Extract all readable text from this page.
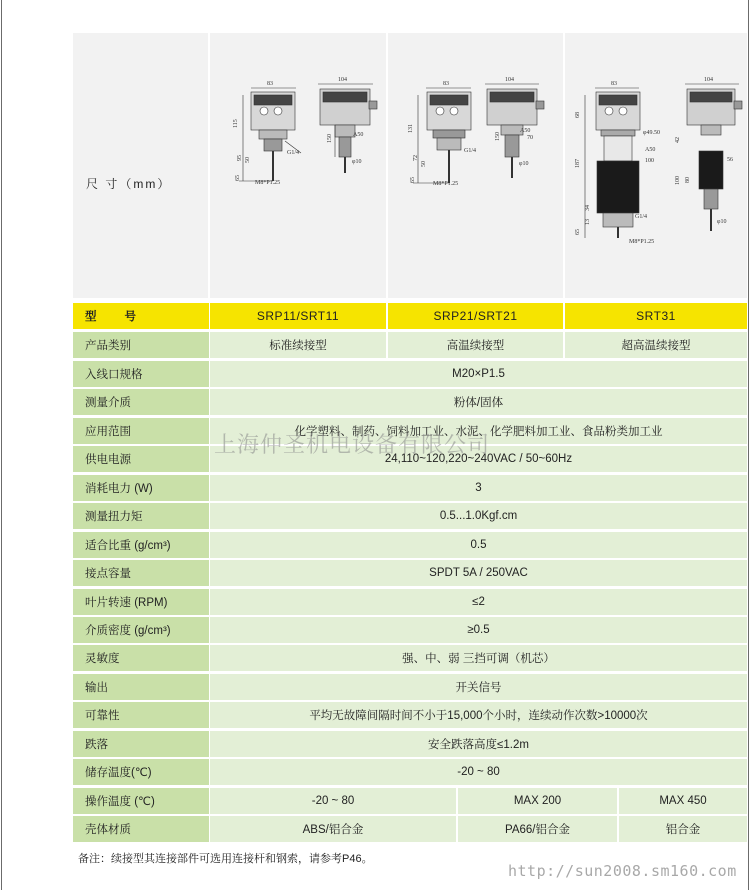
尺 寸（mm）
83
104
115
95
65
50
G1/4
150	A50
φ10
M8*P1.25
83
104
131
72
65
50
G1/4
150
A50
70
φ10
M8*P1.25
83
104
68
187
34
13
65
φ49.50
A50
100
G1/4
M8*P1.25
42
56
100 80
φ10
型 号	SRP11/SRT11	SRP21/SRT21	SRT31
产品类别	标准续接型	高温续接型	超高温续接型
入线口规格	M20×P1.5
测量介质	粉体/固体
应用范围	化学塑料、制药、饲料加工业、水泥、化学肥料加工业、食品粉类加工业
供电电源	24,110~120,220~240VAC / 50~60Hz
消耗电力 (W)	3
测量扭力矩	0.5...1.0Kgf.cm
适合比重 (g/cm³)	0.5
接点容量	SPDT 5A / 250VAC
叶片转速 (RPM)	≤2
介质密度 (g/cm³)	≥0.5
灵敏度	强、中、弱 三挡可调（机芯）
输出	开关信号
可靠性	平均无故障间隔时间不小于15,000个小时，连续动作次数>10000次
跌落	安全跌落高度≤1.2m
储存温度(℃)	-20 ~ 80
操作温度 (℃)	-20 ~ 80	MAX 200	MAX 450
壳体材质	ABS/铝合金	PA66/铝合金	铝合金
上海仲圣机电设备有限公司
备注：续接型其连接部件可选用连接杆和钢索，请参考P46。
http://sun2008.sm160.com
